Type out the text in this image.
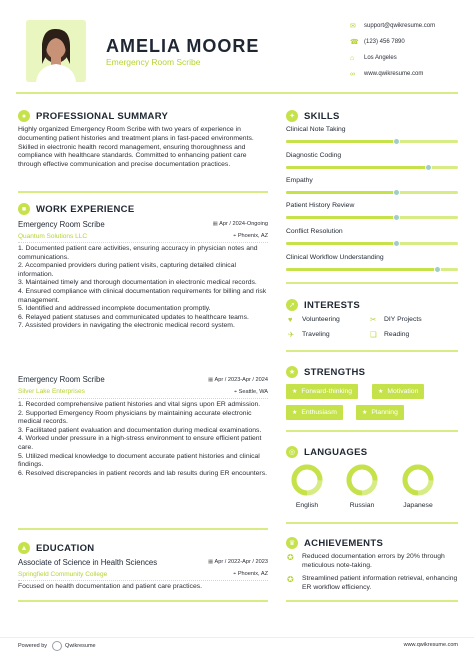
AMELIA MOORE
Emergency Room Scribe
✉	support@qwikresume.com
☎ (123) 456 7890
⌂	Los Angeles
∞	www.qwikresume.com
●	PROFESSIONAL SUMMARY
Highly organized Emergency Room Scribe with two years of experience in documenting patient histories and treatment plans in fast-paced environments. Skilled in electronic health record management, ensuring thoroughness and compliance with healthcare standards. Committed to enhancing patient care through effective communication and precise documentation practices.
■	WORK EXPERIENCE
Emergency Room Scribe	▦ Apr / 2024-Ongoing
Quantum Solutions LLC	⌖ Phoenix, AZ
1. Documented patient care activities, ensuring accuracy in physician notes and communications.
2. Accompanied providers during patient visits, capturing detailed clinical information.
3. Maintained timely and thorough documentation in electronic medical records.
4. Ensured compliance with clinical documentation requirements for billing and risk management.
5. Identified and addressed incomplete documentation promptly.
6. Relayed patient statuses and communicated updates to healthcare teams.
7. Assisted providers in navigating the electronic medical record system.
Emergency Room Scribe	▦ Apr / 2023-Apr / 2024
Silver Lake Enterprises	⌖ Seattle, WA
1. Recorded comprehensive patient histories and vital signs upon ER admission.
2. Supported Emergency Room physicians by maintaining accurate electronic medical records.
3. Facilitated patient evaluation and documentation during medical examinations.
4. Worked under pressure in a high-stress environment to ensure efficient patient care.
5. Utilized medical knowledge to document accurate patient histories and clinical findings.
6. Resolved discrepancies in patient records and lab results during ER encounters.
▲ EDUCATION
Associate of Science in Health Sciences	▦ Apr / 2022-Apr / 2023
Springfield Community College	⌖ Phoenix, AZ
Focused on health documentation and patient care practices.
✦ SKILLS
Clinical Note Taking
Diagnostic Coding
Empathy
Patient History Review
Conflict Resolution
Clinical Workflow Understanding
➚ INTERESTS
♥	Volunteering	✂	DIY Projects
✈	Traveling	❏	Reading
★ STRENGTHS
★ Forward-thinking	★ Motivation
★ Enthusiasm	★ Planning
◎ LANGUAGES
English	Russian	Japanese
♛ ACHIEVEMENTS
✪ Reduced documentation errors by 20% through meticulous note-taking.
✪ Streamlined patient information retrieval, enhancing ER workflow efficiency.
Powered by	Qwikresume	www.qwikresume.com
